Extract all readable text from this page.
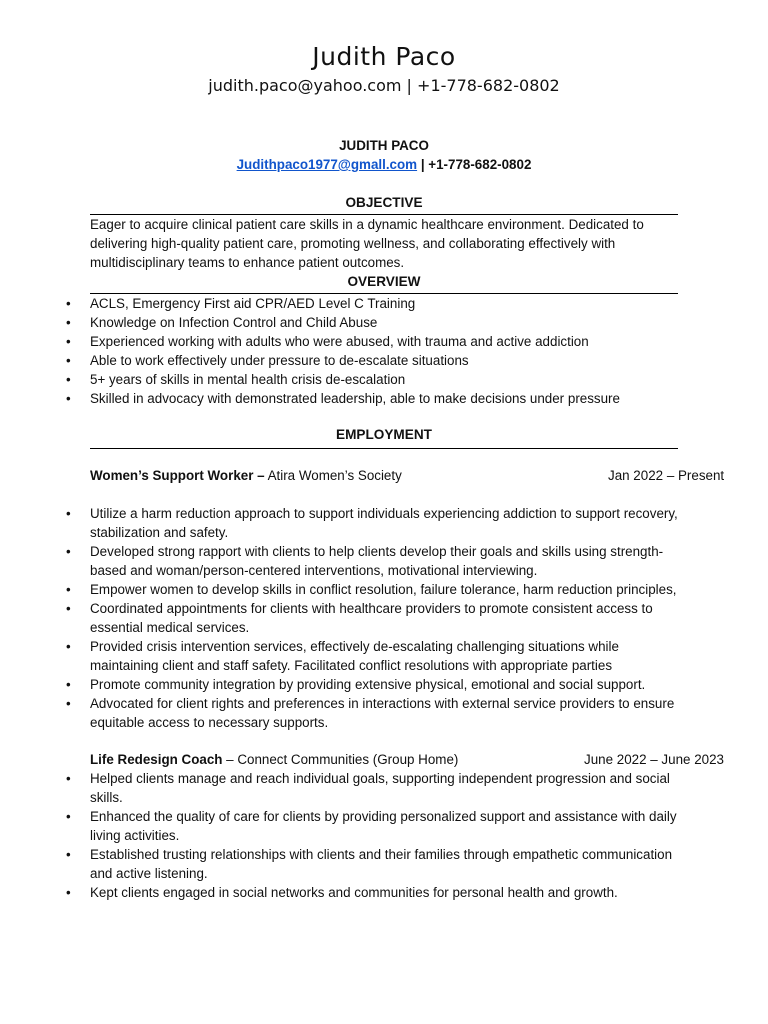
Judith Paco
judith.paco@yahoo.com | +1-778-682-0802
JUDITH PACO
Judithpaco1977@gmall.com | +1-778-682-0802
OBJECTIVE

Eager to acquire clinical patient care skills in a dynamic healthcare environment. Dedicated to delivering high-quality patient care, promoting wellness, and collaborating effectively with multidisciplinary teams to enhance patient outcomes.

OVERVIEW
• ACLS, Emergency First aid CPR/AED Level C Training
• Knowledge on Infection Control and Child Abuse
• Experienced working with adults who were abused, with trauma and active addiction
• Able to work effectively under pressure to de-escalate situations
• 5+ years of skills in mental health crisis de-escalation
• Skilled in advocacy with demonstrated leadership, able to make decisions under pressure
EMPLOYMENT
Women’s Support Worker – Atira Women’s Society	Jan 2022 – Present
• Utilize a harm reduction approach to support individuals experiencing addiction to support recovery, stabilization and safety.
• Developed strong rapport with clients to help clients develop their goals and skills using strength-based and woman/person-centered interventions, motivational interviewing.
• Empower women to develop skills in conflict resolution, failure tolerance, harm reduction principles,
• Coordinated appointments for clients with healthcare providers to promote consistent access to essential medical services.
• Provided crisis intervention services, effectively de-escalating challenging situations while maintaining client and staff safety. Facilitated conflict resolutions with appropriate parties
• Promote community integration by providing extensive physical, emotional and social support.
• Advocated for client rights and preferences in interactions with external service providers to ensure equitable access to necessary supports.
Life Redesign Coach – Connect Communities (Group Home)	June 2022 – June 2023
• Helped clients manage and reach individual goals, supporting independent progression and social skills.
• Enhanced the quality of care for clients by providing personalized support and assistance with daily living activities.
• Established trusting relationships with clients and their families through empathetic communication and active listening.
• Kept clients engaged in social networks and communities for personal health and growth.
